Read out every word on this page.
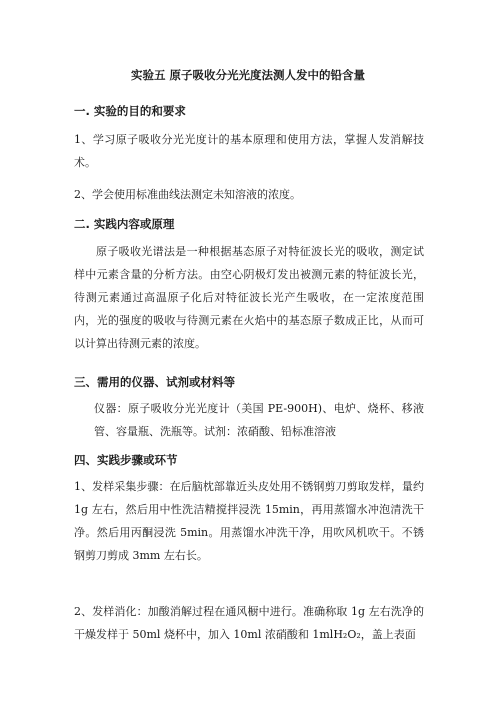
实验五 原子吸收分光光度法测人发中的铅含量
一. 实验的目的和要求
1、学习原子吸收分光光度计的基本原理和使用方法，掌握人发消解技术。
2、学会使用标准曲线法测定未知溶液的浓度。
二. 实践内容或原理
原子吸收光谱法是一种根据基态原子对特征波长光的吸收，测定试样中元素含量的分析方法。由空心阴极灯发出被测元素的特征波长光，待测元素通过高温原子化后对特征波长光产生吸收，在一定浓度范围内，光的强度的吸收与待测元素在火焰中的基态原子数成正比，从而可以计算出待测元素的浓度。
三、需用的仪器、试剂或材料等
仪器：原子吸收分光光度计（美国 PE-900H)、电炉、烧杯、移液管、容量瓶、洗瓶等。试剂：浓硝酸、铅标准溶液
四、实践步骤或环节
1、发样采集步骤：在后脑枕部靠近头皮处用不锈钢剪刀剪取发样，量约 1g 左右，然后用中性洗洁精搅拌浸洗 15min，再用蒸馏水冲泡清洗干净。然后用丙酮浸洗 5min。用蒸馏水冲洗干净，用吹风机吹干。不锈钢剪刀剪成 3mm 左右长。
2、发样消化：加酸消解过程在通风橱中进行。准确称取 1g 左右洗净的干燥发样于 50ml 烧杯中，加入 10ml 浓硝酸和 1mlH₂O₂，盖上表面
